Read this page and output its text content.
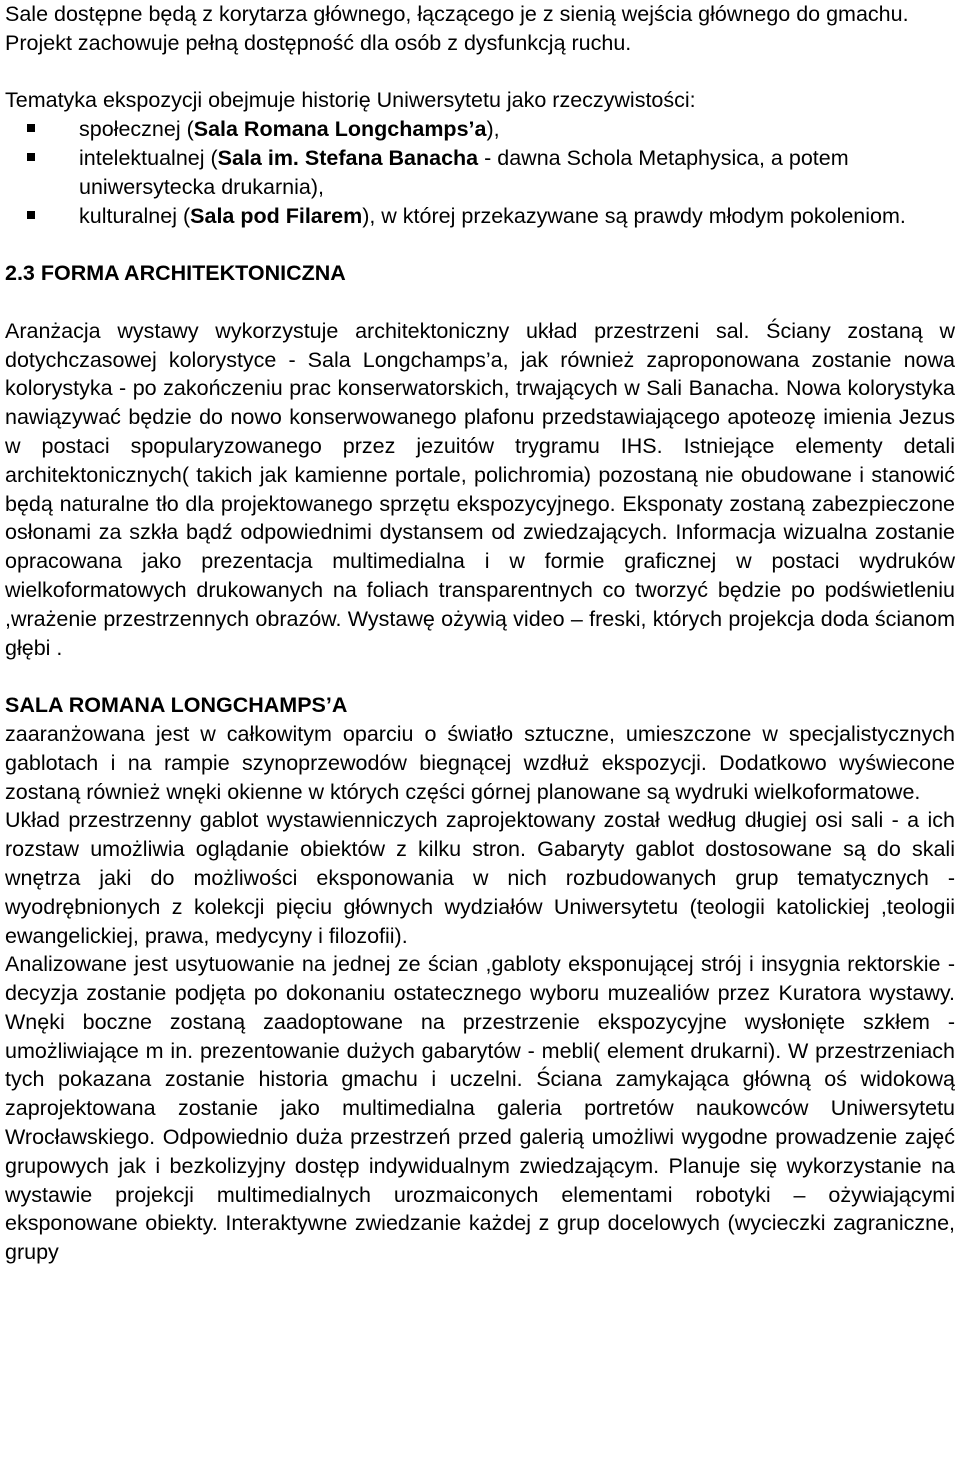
Sale dostępne będą z korytarza głównego, łączącego je z sienią wejścia głównego do gmachu. Projekt zachowuje pełną dostępność dla osób z dysfunkcją ruchu.

Tematyka ekspozycji obejmuje historię Uniwersytetu jako rzeczywistości:

społecznej (Sala Romana Longchamps’a),
intelektualnej (Sala im. Stefana Banacha - dawna Schola Metaphysica, a potem uniwersytecka drukarnia),
kulturalnej (Sala pod Filarem), w której przekazywane są prawdy młodym pokoleniom.
2.3 FORMA ARCHITEKTONICZNA

Aranżacja wystawy wykorzystuje architektoniczny układ przestrzeni sal. Ściany zostaną w dotychczasowej kolorystyce - Sala Longchamps’a, jak również zaproponowana zostanie nowa kolorystyka - po zakończeniu prac konserwatorskich, trwających w Sali Banacha. Nowa kolorystyka nawiązywać będzie do nowo konserwowanego plafonu przedstawiającego apoteozę imienia Jezus w postaci spopularyzowanego przez jezuitów trygramu IHS. Istniejące elementy detali architektonicznych( takich jak kamienne portale, polichromia) pozostaną nie obudowane i stanowić będą naturalne tło dla projektowanego sprzętu ekspozycyjnego. Eksponaty zostaną zabezpieczone osłonami za szkła bądź odpowiednimi dystansem od zwiedzających. Informacja wizualna zostanie opracowana jako prezentacja multimedialna i w formie graficznej w postaci wydruków wielkoformatowych drukowanych na foliach transparentnych co tworzyć będzie po podświetleniu ,wrażenie przestrzennych obrazów. Wystawę ożywią video – freski, których projekcja doda ścianom głębi .

SALA ROMANA LONGCHAMPS’A

zaaranżowana jest w całkowitym oparciu o światło sztuczne, umieszczone w specjalistycznych gablotach i na rampie szynoprzewodów biegnącej wzdłuż ekspozycji. Dodatkowo wyświecone zostaną również wnęki okienne w których części górnej planowane są wydruki wielkoformatowe.

Układ przestrzenny gablot wystawienniczych zaprojektowany został według długiej osi sali - a ich rozstaw umożliwia oglądanie obiektów z kilku stron. Gabaryty gablot dostosowane są do skali wnętrza jaki do możliwości eksponowania w nich rozbudowanych grup tematycznych - wyodrębnionych z kolekcji pięciu głównych wydziałów Uniwersytetu (teologii katolickiej ,teologii ewangelickiej, prawa, medycyny i filozofii).

Analizowane jest usytuowanie na jednej ze ścian ,gabloty eksponującej strój i insygnia rektorskie - decyzja zostanie podjęta po dokonaniu ostatecznego wyboru muzealiów przez Kuratora wystawy. Wnęki boczne zostaną zaadoptowane na przestrzenie ekspozycyjne wysłonięte szkłem - umożliwiające m in. prezentowanie dużych gabarytów - mebli( element drukarni). W przestrzeniach tych pokazana zostanie historia gmachu i uczelni. Ściana zamykająca główną oś widokową zaprojektowana zostanie jako multimedialna galeria portretów naukowców Uniwersytetu Wrocławskiego. Odpowiednio duża przestrzeń przed galerią umożliwi wygodne prowadzenie zajęć grupowych jak i bezkolizyjny dostęp indywidualnym zwiedzającym. Planuje się wykorzystanie na wystawie projekcji multimedialnych urozmaiconych elementami robotyki – ożywiającymi eksponowane obiekty. Interaktywne zwiedzanie każdej z grup docelowych (wycieczki zagraniczne, grupy
